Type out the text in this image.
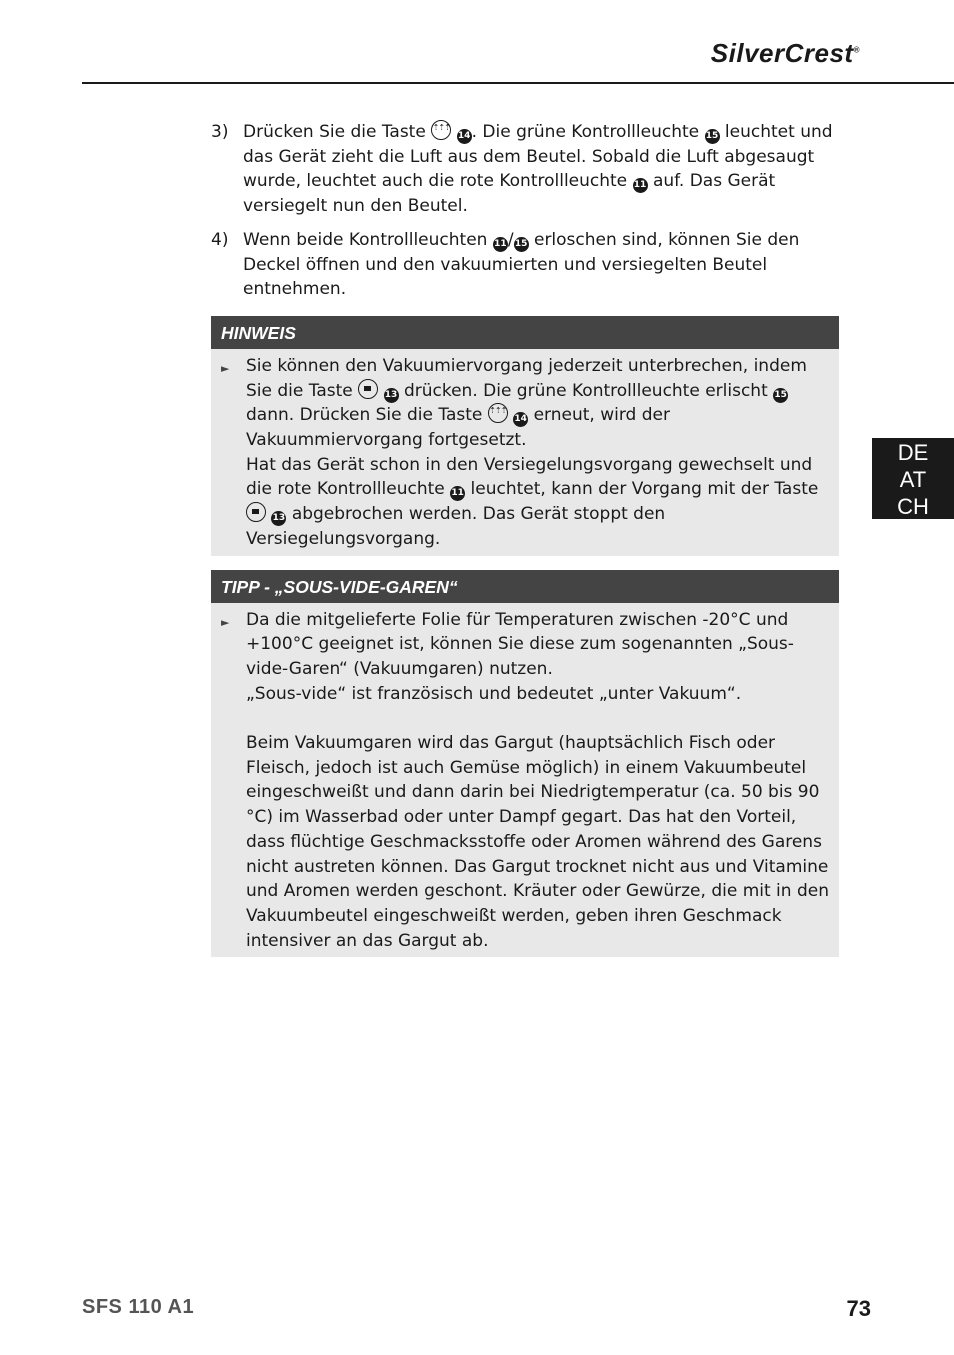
SilverCrest®
3) Drücken Sie die Taste ⇡⇡⇡	14. Die grüne Kontrollleuchte 15 leuchtet und das Gerät zieht die Luft aus dem Beutel. Sobald die Luft abgesaugt wurde, leuchtet auch die rote Kontrollleuchte 11 auf. Das Gerät versiegelt nun den Beutel.
4) Wenn beide Kontrollleuchten 11/15 erloschen sind, können Sie den Deckel öffnen und den vakuumierten und versiegelten Beutel entnehmen.
HINWEIS
► Sie können den Vakuumiervorgang jederzeit unterbrechen, indem Sie die Taste	13 drücken. Die grüne Kontrollleuchte erlischt 15 dann. Drücken Sie die Taste ⇡⇡⇡	14 erneut, wird der Vakuummiervorgang fortgesetzt.

Hat das Gerät schon in den Versiegelungsvorgang gewechselt und die rote Kontrollleuchte 11 leuchtet, kann der Vorgang mit der Taste  13 abgebrochen werden. Das Gerät stoppt den Versiegelungsvorgang.

TIPP - „SOUS-VIDE-GAREN“
► Da die mitgelieferte Folie für Temperaturen zwischen -20°C und +100°C geeignet ist, können Sie diese zum sogenannten „Sous-vide-Garen“ (Vakuumgaren) nutzen.

„Sous-vide“ ist französisch und bedeutet „unter Vakuum“.

Beim Vakuumgaren wird das Gargut (hauptsächlich Fisch oder Fleisch, jedoch ist auch Gemüse möglich) in einem Vakuumbeutel eingeschweißt und dann darin bei Niedrigtemperatur (ca. 50 bis 90 °C) im Wasserbad oder unter Dampf gegart. Das hat den Vorteil, dass flüchtige Geschmacksstoffe oder Aromen während des Garens nicht austreten können. Das Gargut trocknet nicht aus und Vitamine und Aromen werden geschont. Kräuter oder Gewürze, die mit in den Vakuumbeutel eingeschweißt werden, geben ihren Geschmack intensiver an das Gargut ab.

DE
AT
CH
SFS 110 A1	73
